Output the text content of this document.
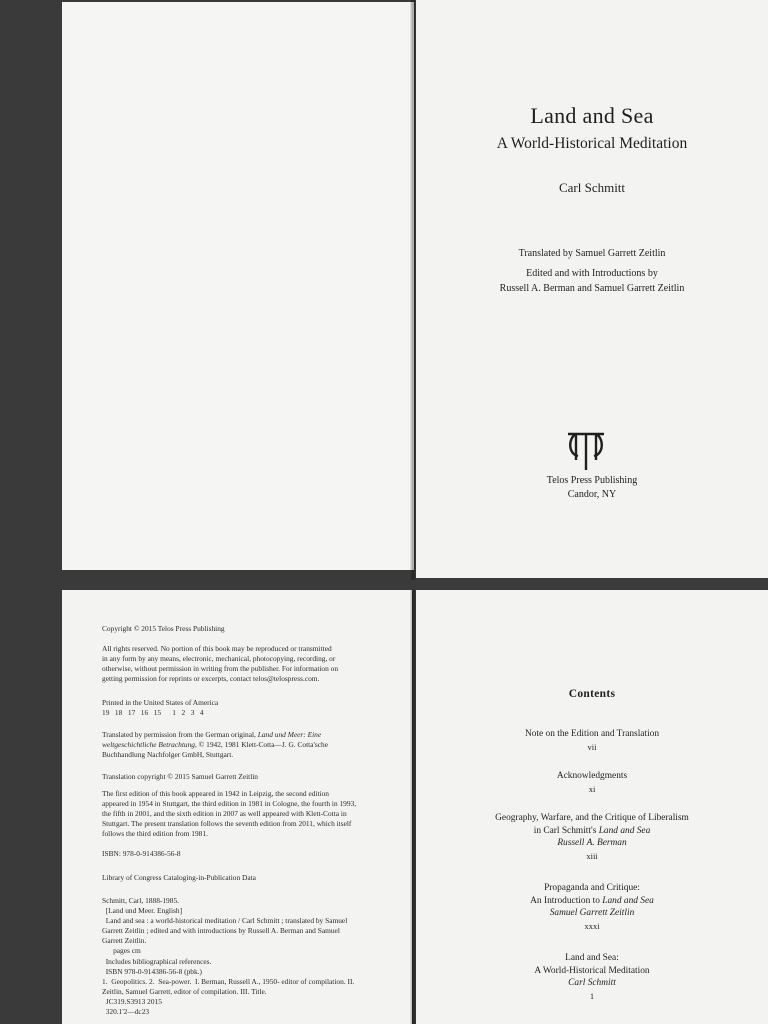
Land and Sea
A World-Historical Meditation
Carl Schmitt
Translated by Samuel Garrett Zeitlin
Edited and with Introductions by
Russell A. Berman and Samuel Garrett Zeitlin
Telos Press Publishing
Candor, NY
Copyright © 2015 Telos Press Publishing
All rights reserved. No portion of this book may be reproduced or transmitted
in any form by any means, electronic, mechanical, photocopying, recording, or
otherwise, without permission in writing from the publisher. For information on
getting permission for reprints or excerpts, contact telos@telospress.com.
Printed in the United States of America
19   18   17   16   15      1   2   3   4
Translated by permission from the German original, Land und Meer: Eine
weltgeschichtliche Betrachtung, © 1942, 1981 Klett-Cotta—J. G. Cotta'sche
Buchhandlung Nachfolger GmbH, Stuttgart.
Translation copyright © 2015 Samuel Garrett Zeitlin
The first edition of this book appeared in 1942 in Leipzig, the second edition
appeared in 1954 in Stuttgart, the third edition in 1981 in Cologne, the fourth in 1993,
the fifth in 2001, and the sixth edition in 2007 as well appeared with Klett-Cotta in
Stuttgart. The present translation follows the seventh edition from 2011, which itself
follows the third edition from 1981.
ISBN: 978-0-914386-56-8
Library of Congress Cataloging-in-Publication Data
Schmitt, Carl, 1888-1985.
[Land und Meer. English]
Land and sea : a world-historical meditation / Carl Schmitt ; translated by Samuel
Garrett Zeitlin ; edited and with introductions by Russell A. Berman and Samuel
Garrett Zeitlin.
pages cm
Includes bibliographical references.
ISBN 978-0-914386-56-8 (pbk.)
1.  Geopolitics. 2.  Sea-power.  I. Berman, Russell A., 1950- editor of compilation. II.
Zeitlin, Samuel Garrett, editor of compilation. III. Title.
JC319.S3913 2015
320.1'2—dc23
Contents
Note on the Edition and Translation
vii
Acknowledgments
xi
Geography, Warfare, and the Critique of Liberalism
in Carl Schmitt's Land and Sea
Russell A. Berman
xiii
Propaganda and Critique:
An Introduction to Land and Sea
Samuel Garrett Zeitlin
xxxi
Land and Sea:
A World-Historical Meditation
Carl Schmitt
1
